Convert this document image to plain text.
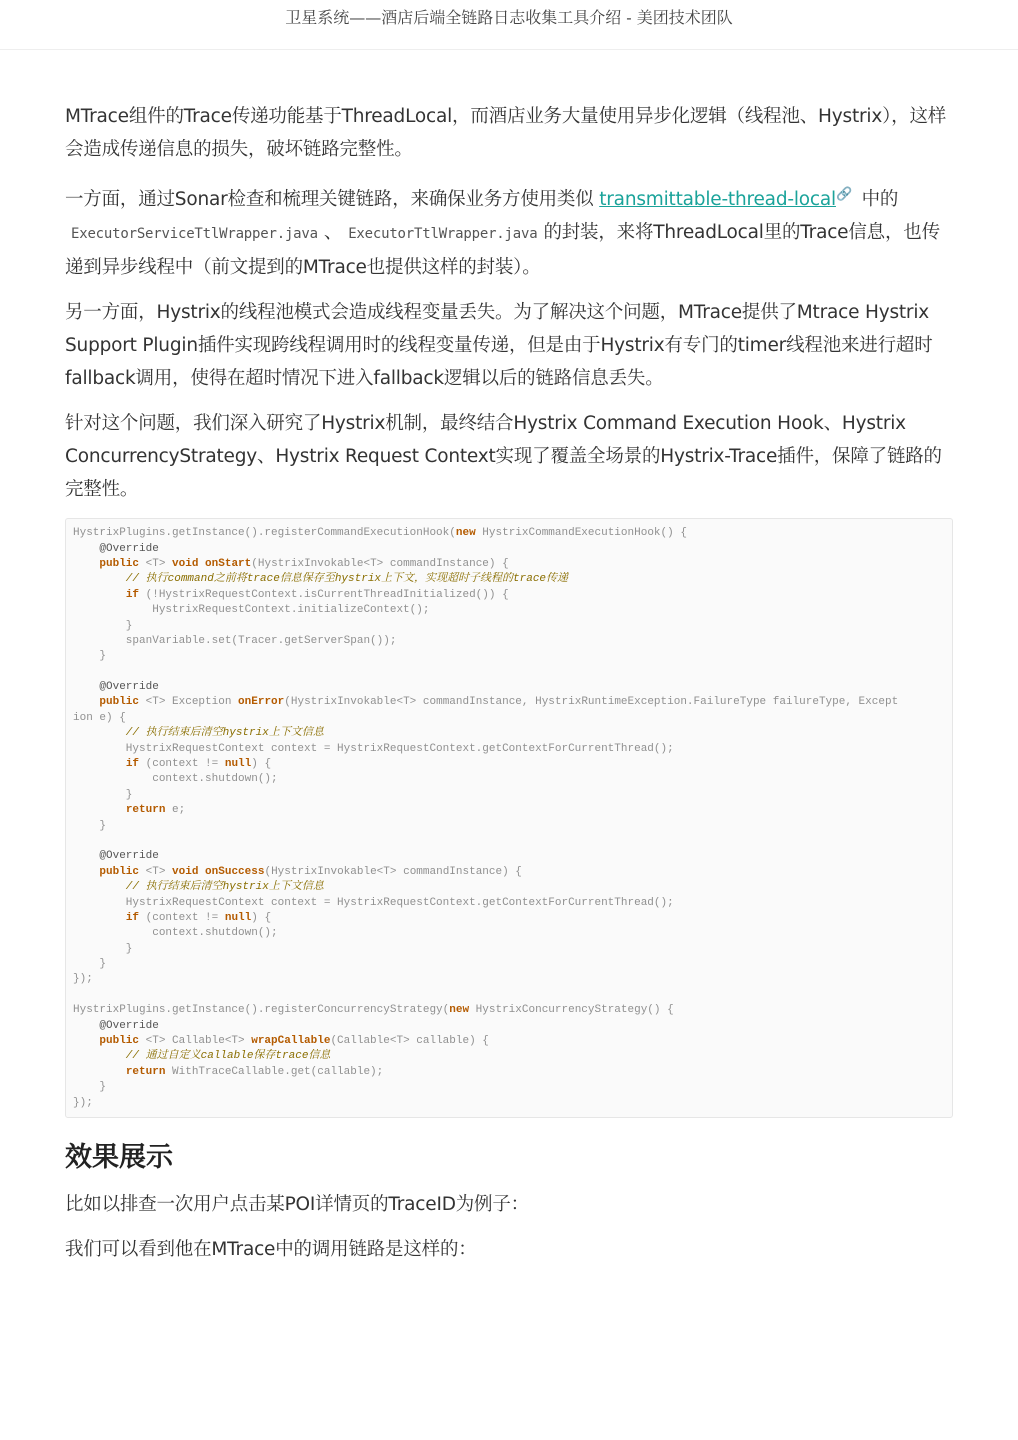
卫星系统——酒店后端全链路日志收集工具介绍 - 美团技术团队

MTrace组件的Trace传递功能基于ThreadLocal，而酒店业务大量使用异步化逻辑（线程池、Hystrix），这样会造成传递信息的损失，破坏链路完整性。

一方面，通过Sonar检查和梳理关键链路，来确保业务方使用类似 transmittable-thread-local🔗 中的
ExecutorServiceTtlWrapper.java 、 ExecutorTtlWrapper.java 的封装，来将ThreadLocal里的Trace信息，也传递到异步线程中（前文提到的MTrace也提供这样的封装）。

另一方面，Hystrix的线程池模式会造成线程变量丢失。为了解决这个问题，MTrace提供了Mtrace Hystrix Support Plugin插件实现跨线程调用时的线程变量传递，但是由于Hystrix有专门的timer线程池来进行超时fallback调用，使得在超时情况下进入fallback逻辑以后的链路信息丢失。

针对这个问题，我们深入研究了Hystrix机制，最终结合Hystrix Command Execution Hook、Hystrix ConcurrencyStrategy、Hystrix Request Context实现了覆盖全场景的Hystrix-Trace插件，保障了链路的完整性。

HystrixPlugins.getInstance().registerCommandExecutionHook(new HystrixCommandExecutionHook() {
@Override
public <T> void onStart(HystrixInvokable<T> commandInstance) {
// 执行command之前将trace信息保存至hystrix上下文，实现超时子线程的trace传递
if (!HystrixRequestContext.isCurrentThreadInitialized()) {
HystrixRequestContext.initializeContext();
}
spanVariable.set(Tracer.getServerSpan());
}

@Override
public <T> Exception onError(HystrixInvokable<T> commandInstance, HystrixRuntimeException.FailureType failureType, Except
ion e) {
// 执行结束后清空hystrix上下文信息
HystrixRequestContext context = HystrixRequestContext.getContextForCurrentThread();
if (context != null) {
context.shutdown();
}
return e;
}

@Override
public <T> void onSuccess(HystrixInvokable<T> commandInstance) {
// 执行结束后清空hystrix上下文信息
HystrixRequestContext context = HystrixRequestContext.getContextForCurrentThread();
if (context != null) {
context.shutdown();
}
}
});

HystrixPlugins.getInstance().registerConcurrencyStrategy(new HystrixConcurrencyStrategy() {
@Override
public <T> Callable<T> wrapCallable(Callable<T> callable) {
// 通过自定义callable保存trace信息
return WithTraceCallable.get(callable);
}
});
效果展示

比如以排查一次用户点击某POI详情页的TraceID为例子：

我们可以看到他在MTrace中的调用链路是这样的：
